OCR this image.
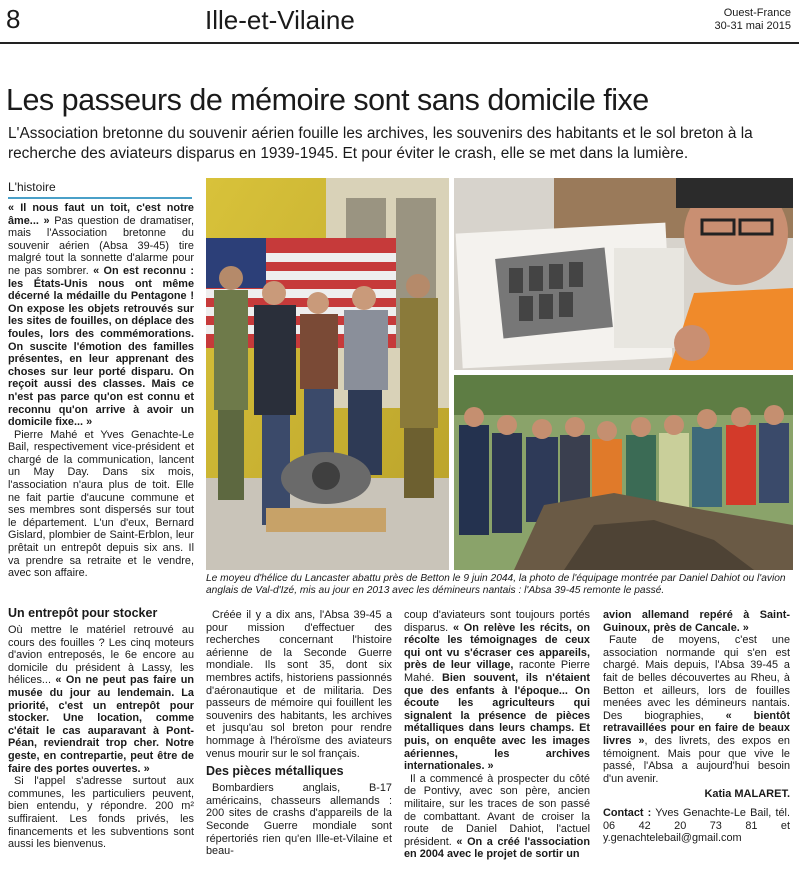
8	Ille-et-Vilaine	Ouest-France
30-31 mai 2015
Les passeurs de mémoire sont sans domicile fixe
L'Association bretonne du souvenir aérien fouille les archives, les souvenirs des habitants et le sol breton à la recherche des aviateurs disparus en 1939-1945. Et pour éviter le crash, elle se met dans la lumière.
L'histoire

« Il nous faut un toit, c'est notre âme... » Pas question de dramatiser, mais l'Association bretonne du souvenir aérien (Absa 39-45) tire malgré tout la sonnette d'alarme pour ne pas sombrer. « On est reconnu : les États-Unis nous ont même décerné la médaille du Pentagone ! On expose les objets retrouvés sur les sites de fouilles, on déplace des foules, lors des commémorations. On suscite l'émotion des familles présentes, en leur apprenant des choses sur leur porté disparu. On reçoit aussi des classes. Mais ce n'est pas parce qu'on est connu et reconnu qu'on arrive à avoir un domicile fixe... »

Pierre Mahé et Yves Genachte-Le Bail, respectivement vice-président et chargé de la communication, lancent un May Day. Dans six mois, l'association n'aura plus de toit. Elle ne fait partie d'aucune commune et ses membres sont dispersés sur tout le département. L'un d'eux, Bernard Gislard, plombier de Saint-Erblon, leur prêtait un entrepôt depuis six ans. Il va prendre sa retraite et le vendre, avec son affaire.

Un entrepôt pour stocker

Où mettre le matériel retrouvé au cours des fouilles ? Les cinq moteurs d'avion entreposés, le 6e encore au domicile du président à Lassy, les hélices... « On ne peut pas faire un musée du jour au lendemain. La priorité, c'est un entrepôt pour stocker. Une location, comme c'était le cas auparavant à Pont-Péan, reviendrait trop cher. Notre geste, en contrepartie, peut être de faire des portes ouvertes. »

Si l'appel s'adresse surtout aux communes, les particuliers peuvent, bien entendu, y répondre. 200 m² suffiraient. Les fonds privés, les financements et les subventions sont aussi les bienvenus.

Le moyeu d'hélice du Lancaster abattu près de Betton le 9 juin 2044, la photo de l'équipage montrée par Daniel Dahiot ou l'avion anglais de Val-d'Izé, mis au jour en 2013 avec les démineurs nantais : l'Absa 39-45 remonte le passé.

Créée il y a dix ans, l'Absa 39-45 a pour mission d'effectuer des recherches concernant l'histoire aérienne de la Seconde Guerre mondiale. Ils sont 35, dont six membres actifs, historiens passionnés d'aéronautique et de militaria. Des passeurs de mémoire qui fouillent les souvenirs des habitants, les archives et jusqu'au sol breton pour rendre hommage à l'héroïsme des aviateurs venus mourir sur le sol français.

Des pièces métalliques

Bombardiers anglais, B-17 américains, chasseurs allemands : 200 sites de crashs d'appareils de la Seconde Guerre mondiale sont répertoriés rien qu'en Ille-et-Vilaine et beau-

coup d'aviateurs sont toujours portés disparus. « On relève les récits, on récolte les témoignages de ceux qui ont vu s'écraser ces appareils, près de leur village, raconte Pierre Mahé. Bien souvent, ils n'étaient que des enfants à l'époque... On écoute les agriculteurs qui signalent la présence de pièces métalliques dans leurs champs. Et puis, on enquête avec les images aériennes, les archives internationales. »

Il a commencé à prospecter du côté de Pontivy, avec son père, ancien militaire, sur les traces de son passé de combattant. Avant de croiser la route de Daniel Dahiot, l'actuel président. « On a créé l'association en 2004 avec le projet de sortir un

avion allemand repéré à Saint-Guinoux, près de Cancale. »

Faute de moyens, c'est une association normande qui s'en est chargé. Mais depuis, l'Absa 39-45 a fait de belles découvertes au Rheu, à Betton et ailleurs, lors de fouilles menées avec les démineurs nantais. Des biographies, « bientôt retravaillées pour en faire de beaux livres », des livrets, des expos en témoignent. Mais pour que vive le passé, l'Absa a aujourd'hui besoin d'un avenir.

Katia MALARET.

Contact : Yves Genachte-Le Bail, tél. 06 42 20 73 81 et y.genachtelebail@gmail.com
